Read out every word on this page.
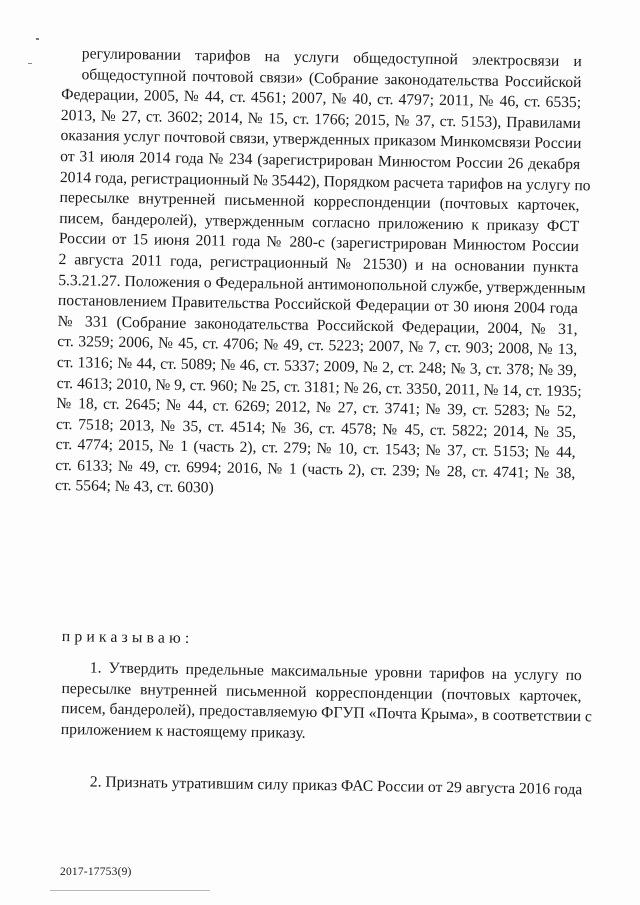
регулировании тарифов на услуги общедоступной электросвязи и
общедоступной почтовой связи» (Собрание законодательства Российской
Федерации, 2005, № 44, ст. 4561; 2007, № 40, ст. 4797; 2011, № 46, ст. 6535;
2013, № 27, ст. 3602; 2014, № 15, ст. 1766; 2015, № 37, ст. 5153), Правилами
оказания услуг почтовой связи, утвержденных приказом Минкомсвязи России
от 31 июля 2014 года № 234 (зарегистрирован Минюстом России 26 декабря
2014 года, регистрационный № 35442), Порядком расчета тарифов на услугу по
пересылке внутренней письменной корреспонденции (почтовых карточек,
писем, бандеролей), утвержденным согласно приложению к приказу ФСТ
России от 15 июня 2011 года № 280-с (зарегистрирован Минюстом России
2 августа 2011 года, регистрационный № 21530) и на основании пункта
5.3.21.27. Положения о Федеральной антимонопольной службе, утвержденным
постановлением Правительства Российской Федерации от 30 июня 2004 года
№ 331 (Собрание законодательства Российской Федерации, 2004, № 31,
ст. 3259; 2006, № 45, ст. 4706; № 49, ст. 5223; 2007, № 7, ст. 903; 2008, № 13,
ст. 1316; № 44, ст. 5089; № 46, ст. 5337; 2009, № 2, ст. 248; № 3, ст. 378; № 39,
ст. 4613; 2010, № 9, ст. 960; № 25, ст. 3181; № 26, ст. 3350, 2011, № 14, ст. 1935;
№ 18, ст. 2645; № 44, ст. 6269; 2012, № 27, ст. 3741; № 39, ст. 5283; № 52,
ст. 7518; 2013, № 35, ст. 4514; № 36, ст. 4578; № 45, ст. 5822; 2014, № 35,
ст. 4774; 2015, № 1 (часть 2), ст. 279; № 10, ст. 1543; № 37, ст. 5153; № 44,
ст. 6133; № 49, ст. 6994; 2016, № 1 (часть 2), ст. 239; № 28, ст. 4741; № 38,
ст. 5564; № 43, ст. 6030)
приказываю:
1. Утвердить предельные максимальные уровни тарифов на услугу по
пересылке внутренней письменной корреспонденции (почтовых карточек,
писем, бандеролей), предоставляемую ФГУП «Почта Крыма», в соответствии с
приложением к настоящему приказу.
2. Признать утратившим силу приказ ФАС России от 29 августа 2016 года
2017-17753(9)
